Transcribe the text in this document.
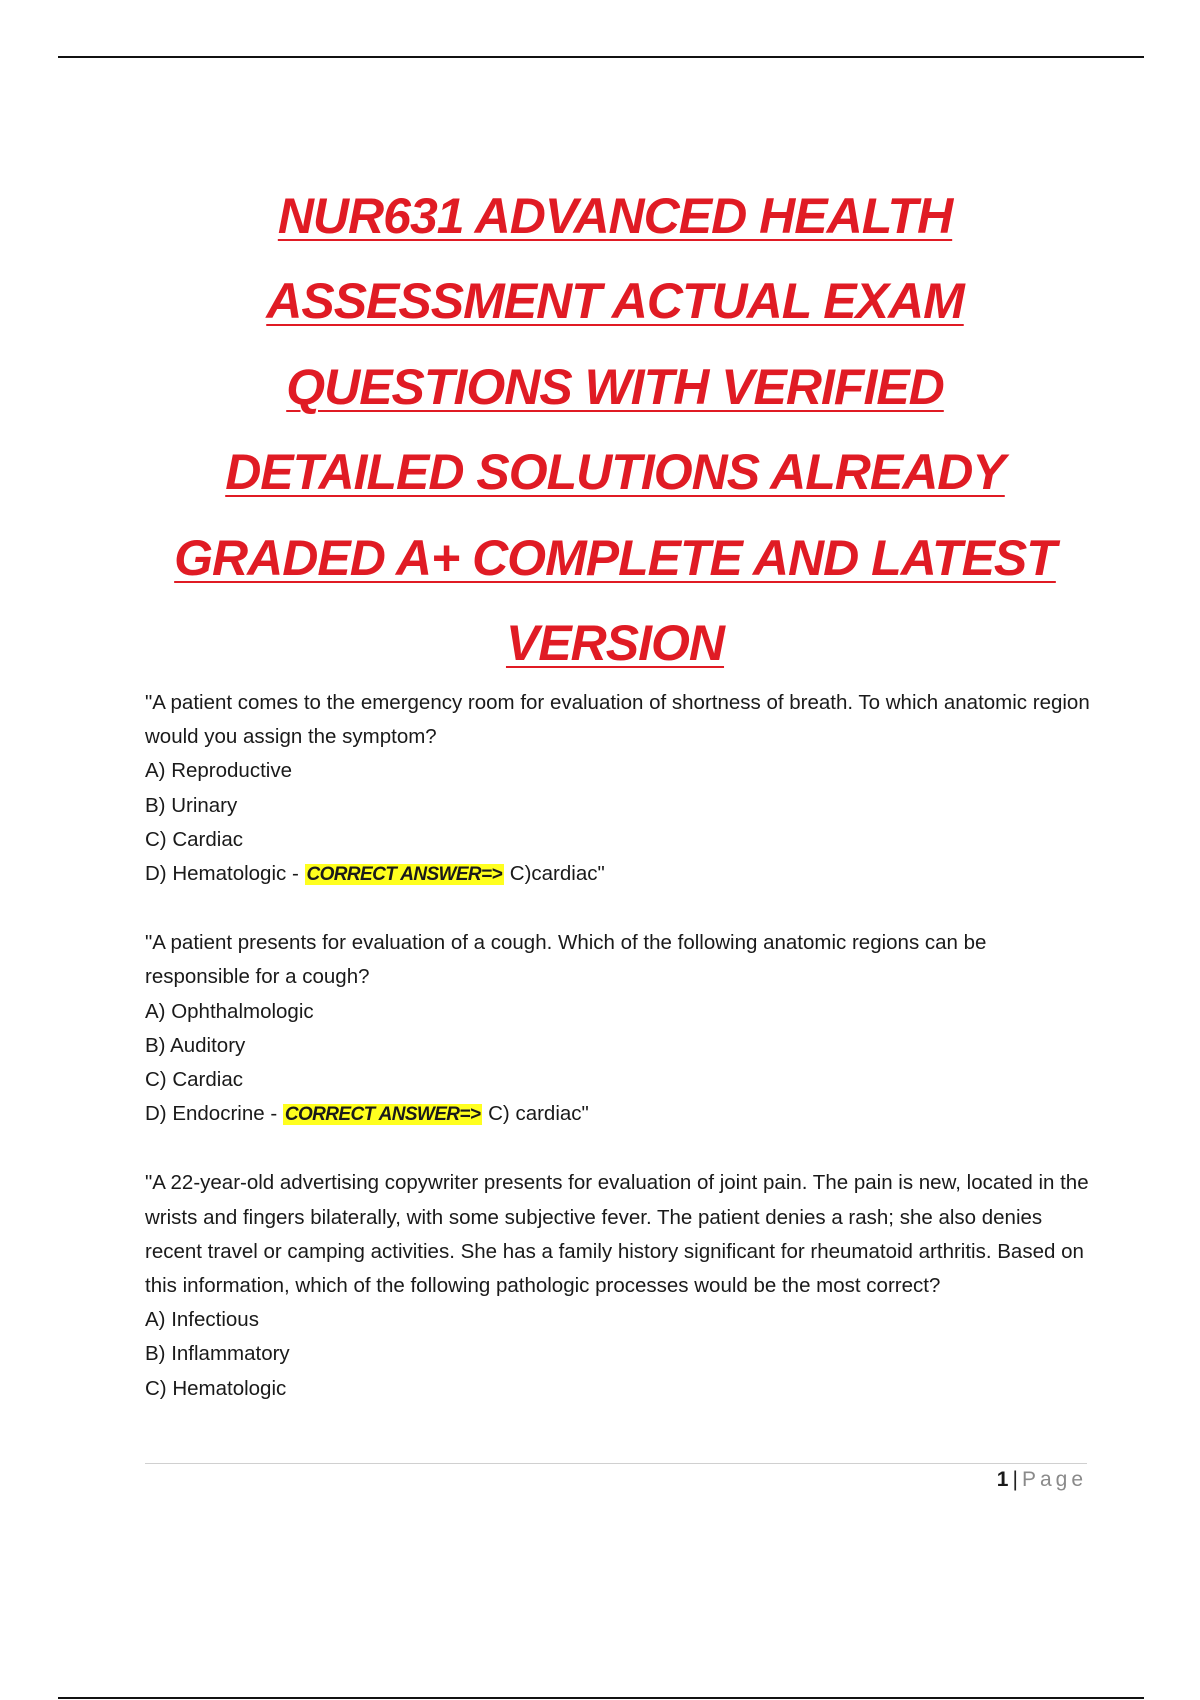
NUR631 ADVANCED HEALTH
ASSESSMENT ACTUAL EXAM
QUESTIONS WITH VERIFIED
DETAILED SOLUTIONS ALREADY
GRADED A+ COMPLETE AND LATEST
VERSION

"A patient comes to the emergency room for evaluation of shortness of breath. To which anatomic region would you assign the symptom?

A) Reproductive

B) Urinary

C) Cardiac

D) Hematologic - CORRECT ANSWER=> C)cardiac"

"A patient presents for evaluation of a cough. Which of the following anatomic regions can be responsible for a cough?

A) Ophthalmologic

B) Auditory

C) Cardiac

D) Endocrine - CORRECT ANSWER=> C) cardiac"

"A 22-year-old advertising copywriter presents for evaluation of joint pain. The pain is new, located in the wrists and fingers bilaterally, with some subjective fever. The patient denies a rash; she also denies recent travel or camping activities. She has a family history significant for rheumatoid arthritis. Based on this information, which of the following pathologic processes would be the most correct?

A) Infectious

B) Inflammatory

C) Hematologic

1 | Page
